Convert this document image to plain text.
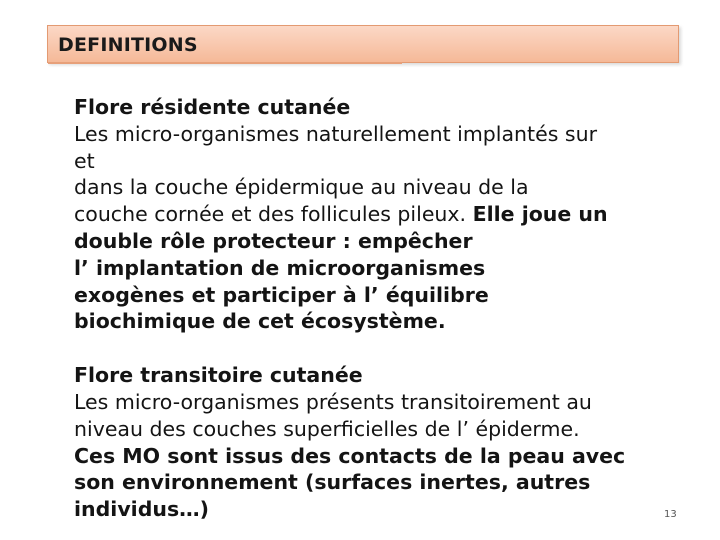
DEFINITIONS
Flore résidente cutanée
Les micro-organismes naturellement implantés sur
et
dans la couche épidermique au niveau de la
couche cornée et des follicules pileux. Elle joue un
double rôle protecteur : empêcher
l’ implantation de microorganismes
exogènes et participer à l’ équilibre
biochimique de cet écosystème.
Flore transitoire cutanée
Les micro-organismes présents transitoirement au
niveau des couches superficielles de l’ épiderme.
Ces MO sont issus des contacts de la peau avec
son environnement (surfaces inertes, autres
individus…)	13
